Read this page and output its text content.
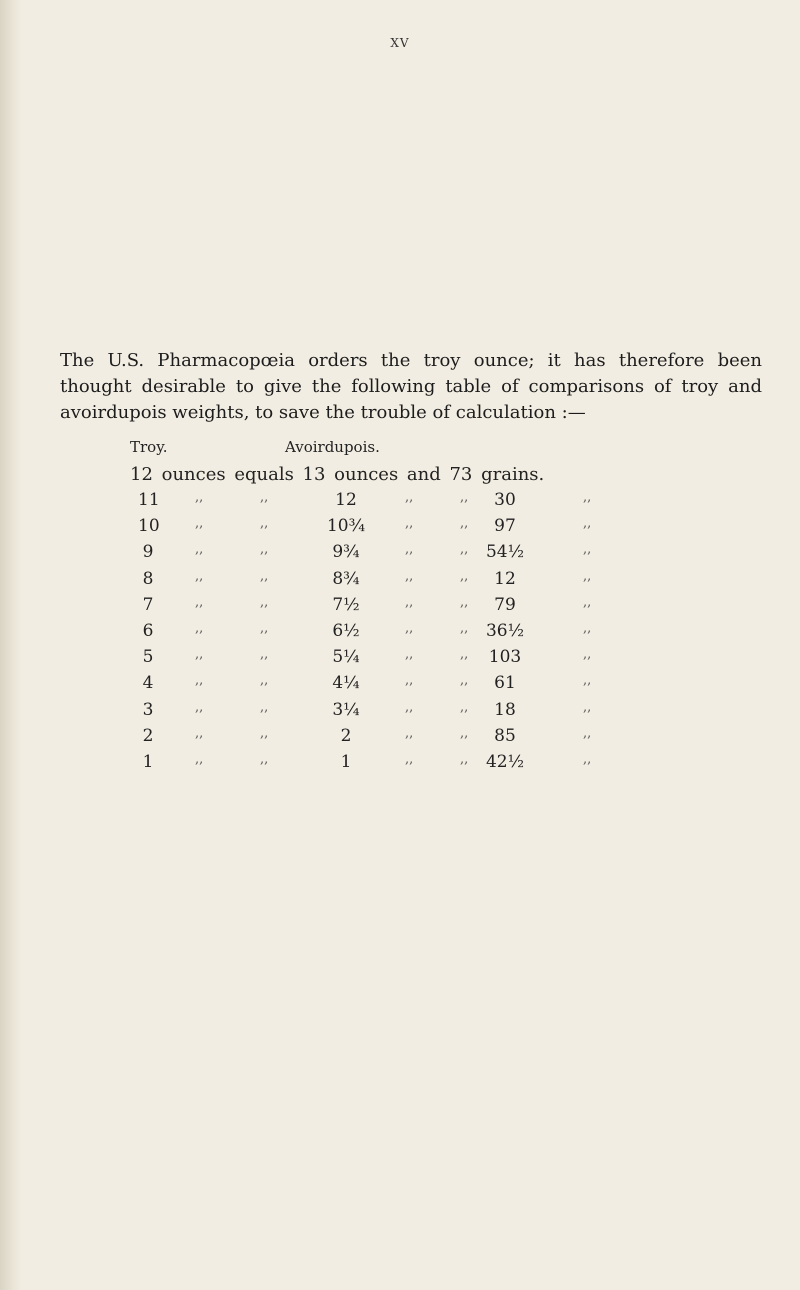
XV
The U.S. Pharmacopœia orders the troy ounce; it has therefore been thought desirable to give the following table of comparisons of troy and avoirdupois weights, to save the trouble of calculation :—
Troy.	Avoirdupois.
12 ounces equals 13 ounces and 73 grains.
11	,,	,,	12	,,	,,	30	,,
10	,,	,,	10¾	,,	,,	97	,,
9	,,	,,	9¾	,,	,,	54½	,,
8	,,	,,	8¾	,,	,,	12	,,
7	,,	,,	7½	,,	,,	79	,,
6	,,	,,	6½	,,	,,	36½	,,
5	,,	,,	5¼	,,	,,	103	,,
4	,,	,,	4¼	,,	,,	61	,,
3	,,	,,	3¼	,,	,,	18	,,
2	,,	,,	2	,,	,,	85	,,
1	,,	,,	1	,,	,,	42½	,,
